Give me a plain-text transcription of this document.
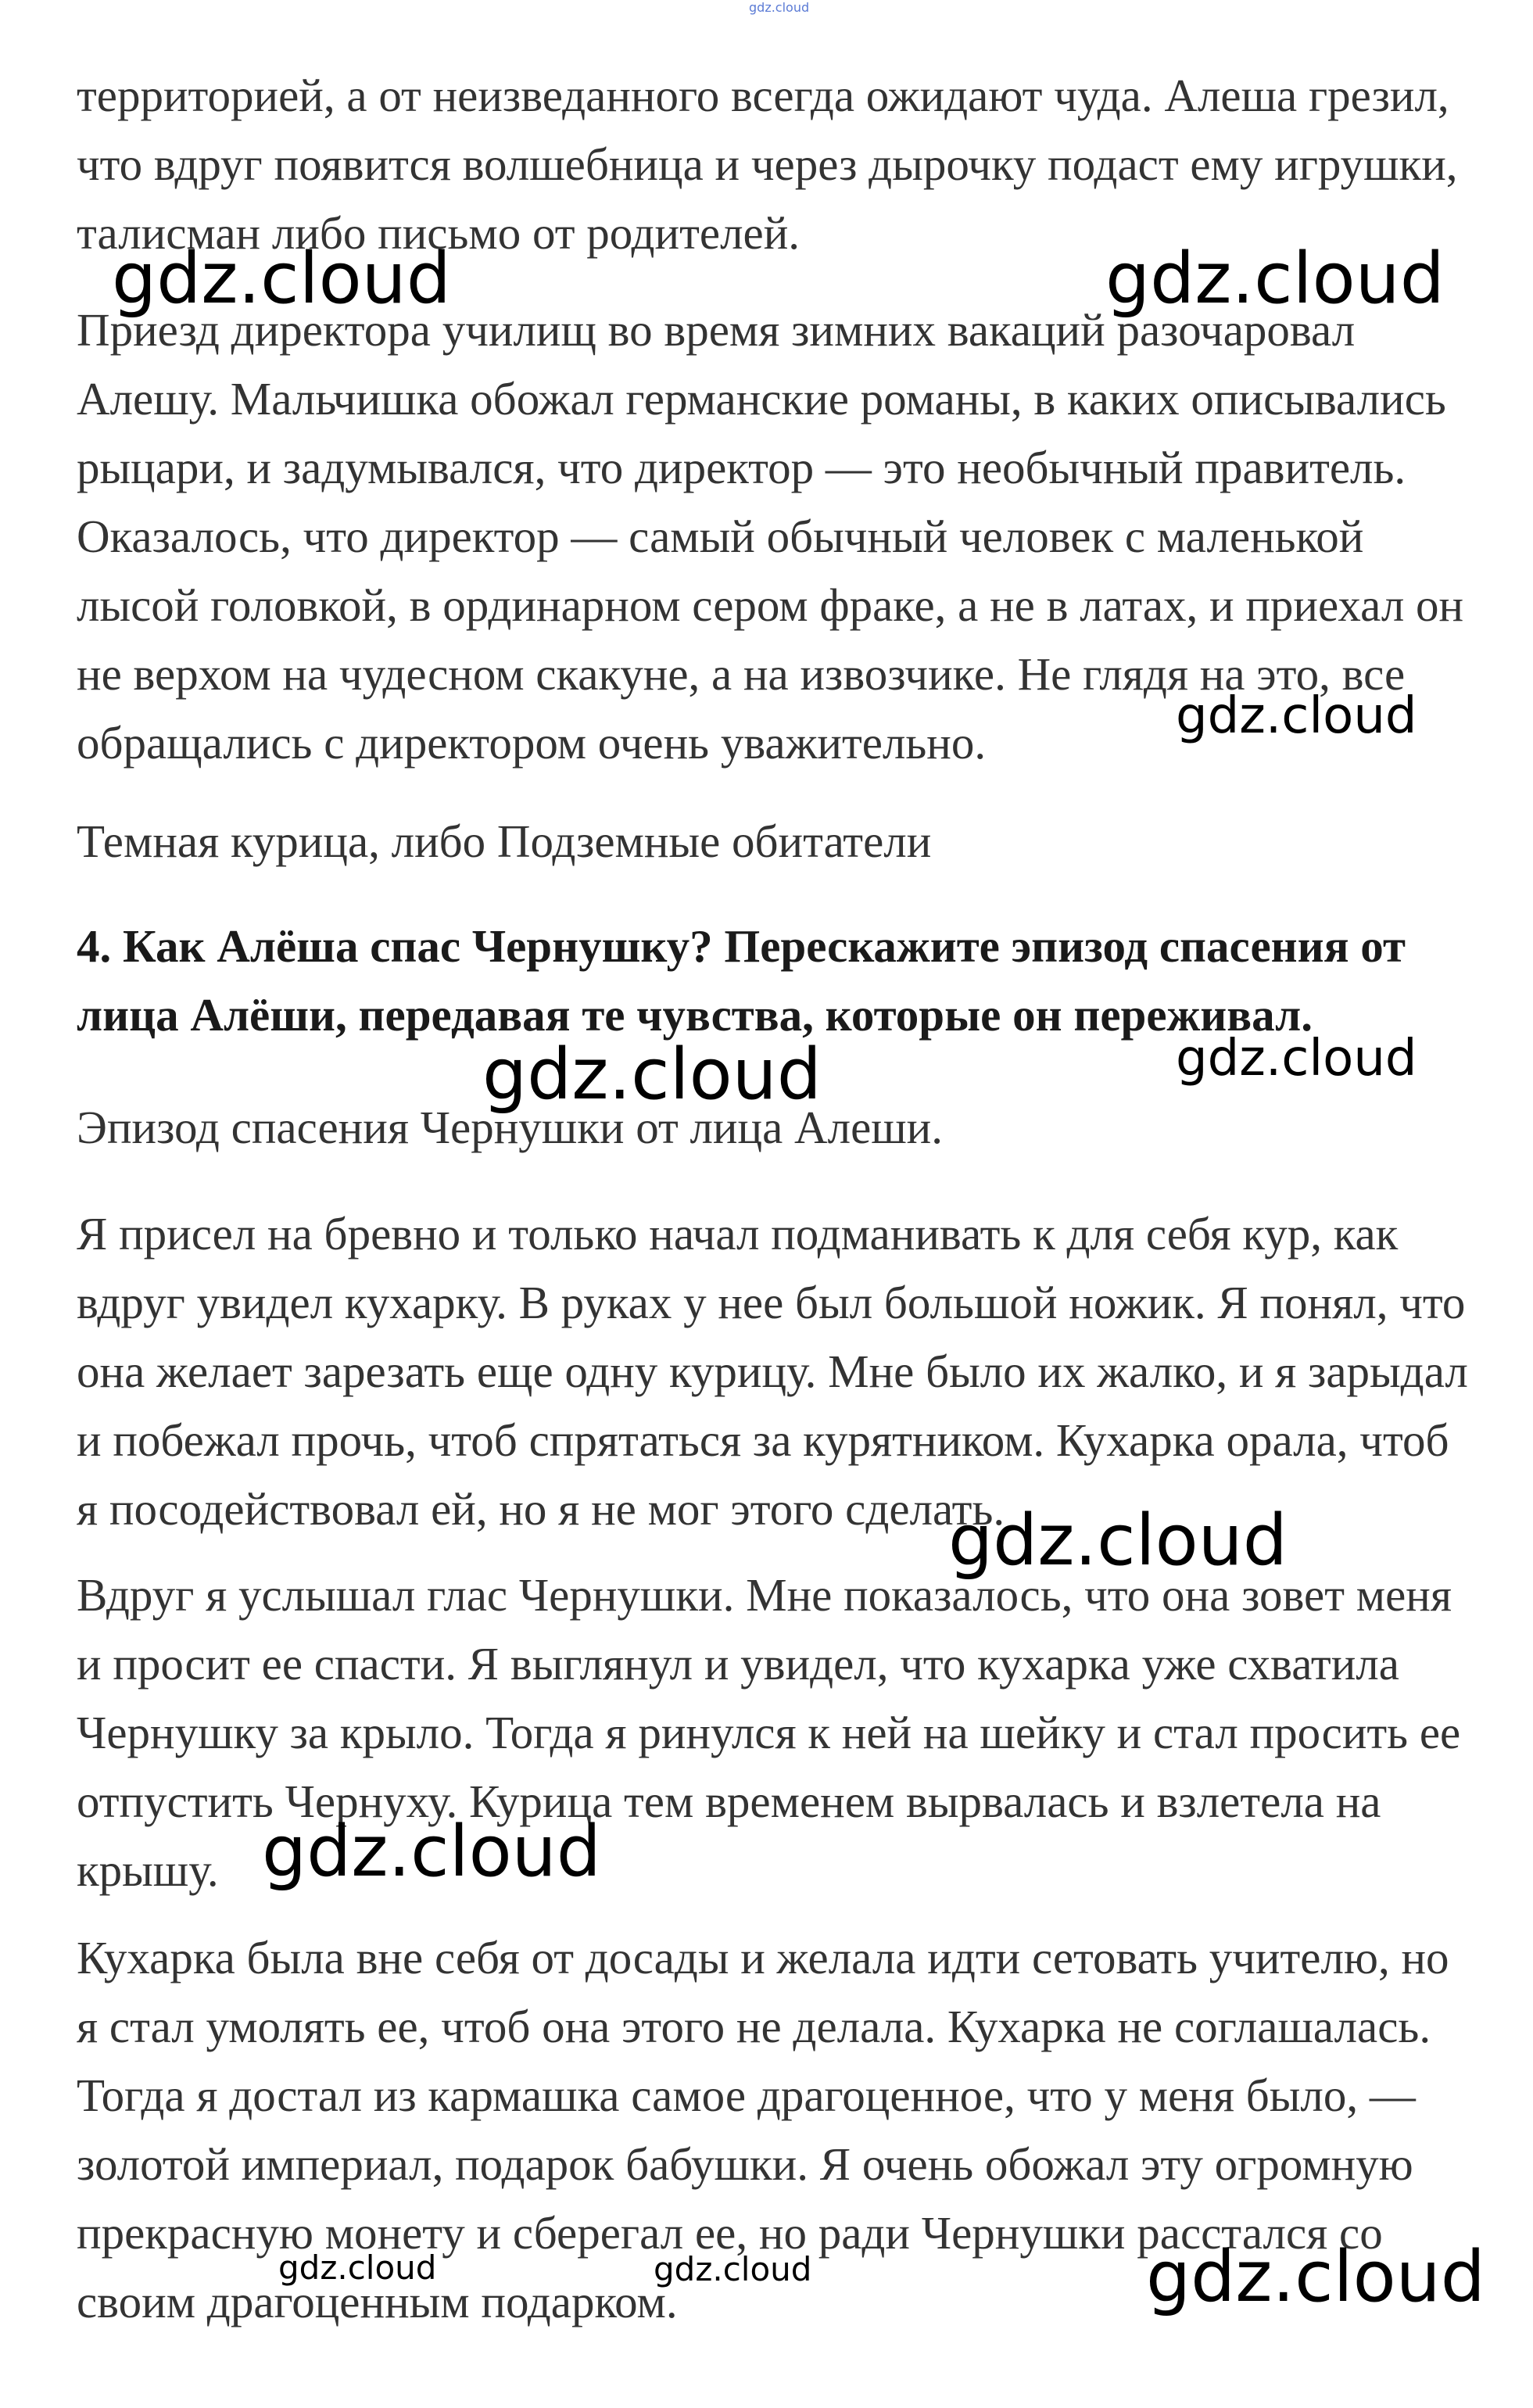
gdz.cloud

территорией, а от неизведанного всегда ожидают чуда. Алеша грезил,
что вдруг появится волшебница и через дырочку подаст ему игрушки,
талисман либо письмо от родителей.

Приезд директора училищ во время зимних вакаций разочаровал
Алешу. Мальчишка обожал германские романы, в каких описывались
рыцари, и задумывался, что директор — это необычный правитель.
Оказалось, что директор — самый обычный человек с маленькой
лысой головкой, в ординарном сером фраке, а не в латах, и приехал он
не верхом на чудесном скакуне, а на извозчике. Не глядя на это, все
обращались с директором очень уважительно.

Темная курица, либо Подземные обитатели

4. Как Алёша спас Чернушку? Перескажите эпизод спасения от
лица Алёши, передавая те чувства, которые он переживал.

Эпизод спасения Чернушки от лица Алеши.

Я присел на бревно и только начал подманивать к для себя кур, как
вдруг увидел кухарку. В руках у нее был большой ножик. Я понял, что
она желает зарезать еще одну курицу. Мне было их жалко, и я зарыдал
и побежал прочь, чтоб спрятаться за курятником. Кухарка орала, чтоб
я посодействовал ей, но я не мог этого сделать.

Вдруг я услышал глас Чернушки. Мне показалось, что она зовет меня
и просит ее спасти. Я выглянул и увидел, что кухарка уже схватила
Чернушку за крыло. Тогда я ринулся к ней на шейку и стал просить ее
отпустить Чернуху. Курица тем временем вырвалась и взлетела на
крышу.

Кухарка была вне себя от досады и желала идти сетовать учителю, но
я стал умолять ее, чтоб она этого не делала. Кухарка не соглашалась.
Тогда я достал из кармашка самое драгоценное, что у меня было, —
золотой империал, подарок бабушки. Я очень обожал эту огромную
прекрасную монету и сберегал ее, но ради Чернушки расстался со
своим драгоценным подарком.

gdz.cloud	gdz.cloud
gdz.cloud
gdz.cloud	gdz.cloud
gdz.cloud
gdz.cloud
gdz.cloud	gdz.cloud	gdz.cloud
